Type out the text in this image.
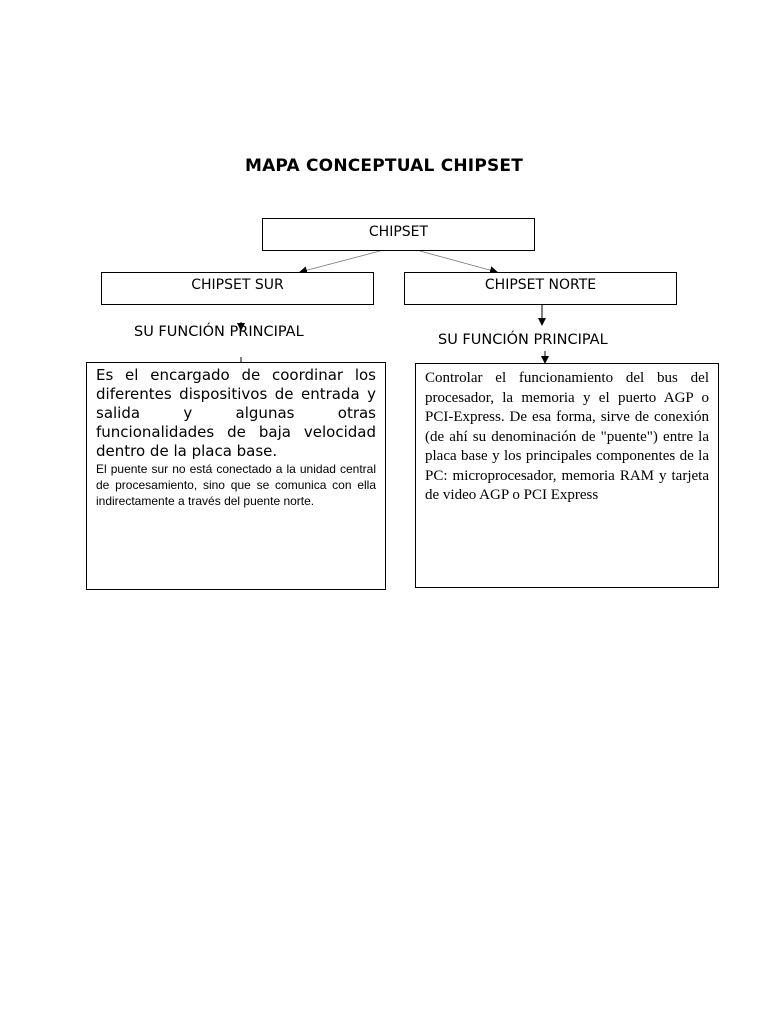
MAPA CONCEPTUAL CHIPSET
CHIPSET
CHIPSET SUR	CHIPSET NORTE
SU FUNCIÓN PRINCIPAL	SU FUNCIÓN PRINCIPAL

Es el encargado de coordinar los diferentes dispositivos de entrada y salida y algunas otras funcionalidades de baja velocidad dentro de la placa base.

El puente sur no está conectado a la unidad central de procesamiento, sino que se comunica con ella indirectamente a través del puente norte.

Controlar el funcionamiento del bus del procesador, la memoria y el puerto AGP o PCI-Express. De esa forma, sirve de conexión (de ahí su denominación de "puente") entre la placa base y los principales componentes de la PC: microprocesador, memoria RAM y tarjeta de video AGP o PCI Express
